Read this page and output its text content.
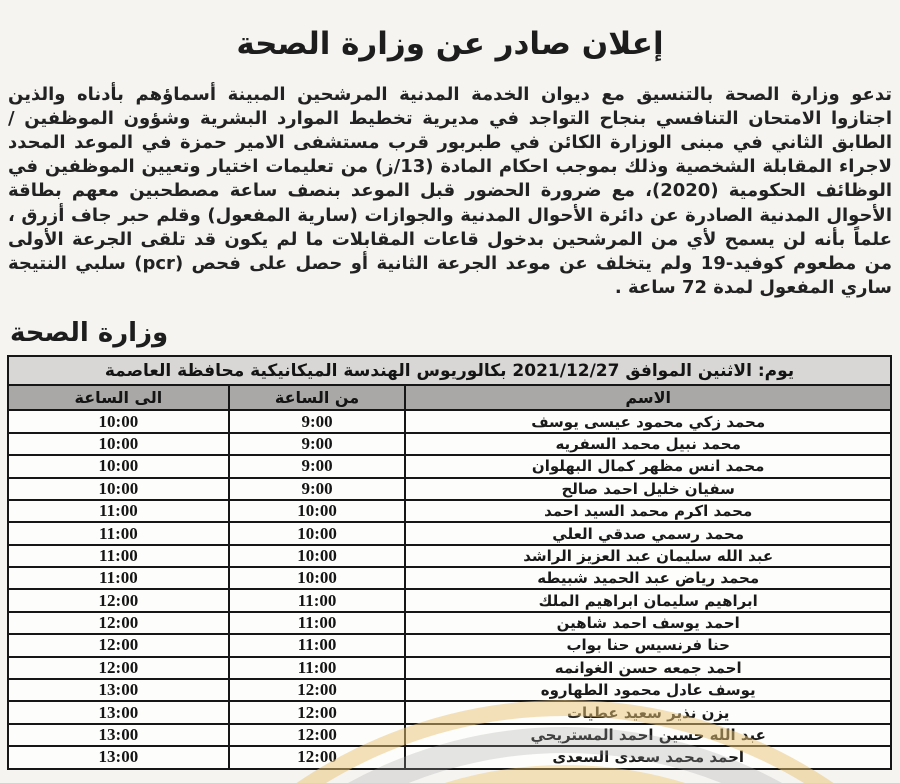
إعلان صادر عن وزارة الصحة

تدعو وزارة الصحة بالتنسيق مع ديوان الخدمة المدنية المرشحين المبينة أسماؤهم بأدناه والذين اجتازوا الامتحان التنافسي بنجاح التواجد في مديرية تخطيط الموارد البشرية وشؤون الموظفين / الطابق الثاني في مبنى الوزارة الكائن في طبربور قرب مستشفى الامير حمزة في الموعد المحدد لاجراء المقابلة الشخصية وذلك بموجب احكام المادة (13/ز) من تعليمات اختيار وتعيين الموظفين في الوظائف الحكومية (2020)، مع ضرورة الحضور قبل الموعد بنصف ساعة مصطحبين معهم بطاقة الأحوال المدنية الصادرة عن دائرة الأحوال المدنية والجوازات (سارية المفعول) وقلم حبر جاف أزرق ، علماً بأنه لن يسمح لأي من المرشحين بدخول قاعات المقابلات ما لم يكون قد تلقى الجرعة الأولى من مطعوم كوفيد-19 ولم يتخلف عن موعد الجرعة الثانية أو حصل على فحص (pcr) سلبي النتيجة ساري المفعول لمدة 72 ساعة .

وزارة الصحة
يوم: الاثنين الموافق 2021/12/27 بكالوريوس الهندسة الميكانيكية محافظة العاصمة		
الاسم	من الساعة	الى الساعة
محمد زكي محمود عيسى يوسف	9:00	10:00
محمد نبيل محمد السفريه	9:00	10:00
محمد انس مظهر كمال البهلوان	9:00	10:00
سفيان خليل احمد صالح	9:00	10:00
محمد اكرم محمد السيد احمد	10:00	11:00
محمد رسمي صدقي العلي	10:00	11:00
عبد الله سليمان عبد العزيز الراشد	10:00	11:00
محمد رياض عبد الحميد شبيطه	10:00	11:00
ابراهيم سليمان ابراهيم الملك	11:00	12:00
احمد يوسف احمد شاهين	11:00	12:00
حنا فرنسيس حنا بواب	11:00	12:00
احمد جمعه حسن الغوانمه	11:00	12:00
يوسف عادل محمود الطهاروه	12:00	13:00
يزن نذير سعيد عطيات	12:00	13:00
عبد الله حسين احمد المستريحي	12:00	13:00
احمد محمد سعدى السعدى	12:00	13:00
